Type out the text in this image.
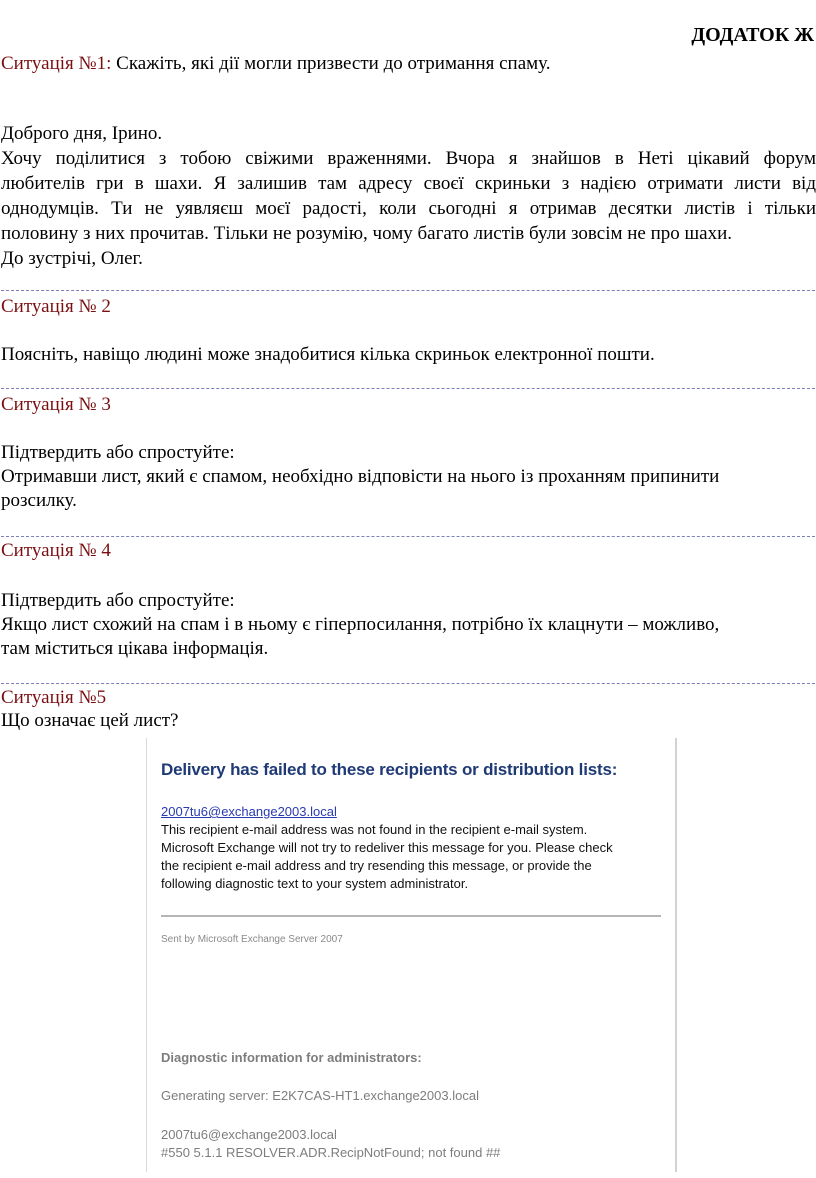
ДОДАТОК Ж
Ситуація №1: Скажіть, які дії могли призвести до отримання спаму.
Доброго дня, Ірино.
Хочу поділитися з тобою свіжими враженнями. Вчора я знайшов в Неті цікавий форум
любителів гри в шахи. Я залишив там адресу своєї скриньки з надією отримати листи від
однодумців. Ти не уявляєш моєї радості, коли сьогодні я отримав десятки листів і тільки
половину з них прочитав. Тільки не розумію, чому багато листів були зовсім не про шахи.
До зустрічі, Олег.
Ситуація № 2
Поясніть, навіщо людині може знадобитися кілька скриньок електронної пошти.
Ситуація № 3
Підтвердить або спростуйте:
Отримавши лист, який є спамом, необхідно відповісти на нього із проханням припинити
розсилку.
Ситуація № 4
Підтвердить або спростуйте:
Якщо лист схожий на спам і в ньому є гіперпосилання, потрібно їх клацнути – можливо,
там міститься цікава інформація.
Ситуація №5
Що означає цей лист?
Delivery has failed to these recipients or distribution lists:
2007tu6@exchange2003.local
This recipient e-mail address was not found in the recipient e-mail system.
Microsoft Exchange will not try to redeliver this message for you. Please check
the recipient e-mail address and try resending this message, or provide the
following diagnostic text to your system administrator.
Sent by Microsoft Exchange Server 2007
Diagnostic information for administrators:
Generating server: E2K7CAS-HT1.exchange2003.local
2007tu6@exchange2003.local
#550 5.1.1 RESOLVER.ADR.RecipNotFound; not found ##
